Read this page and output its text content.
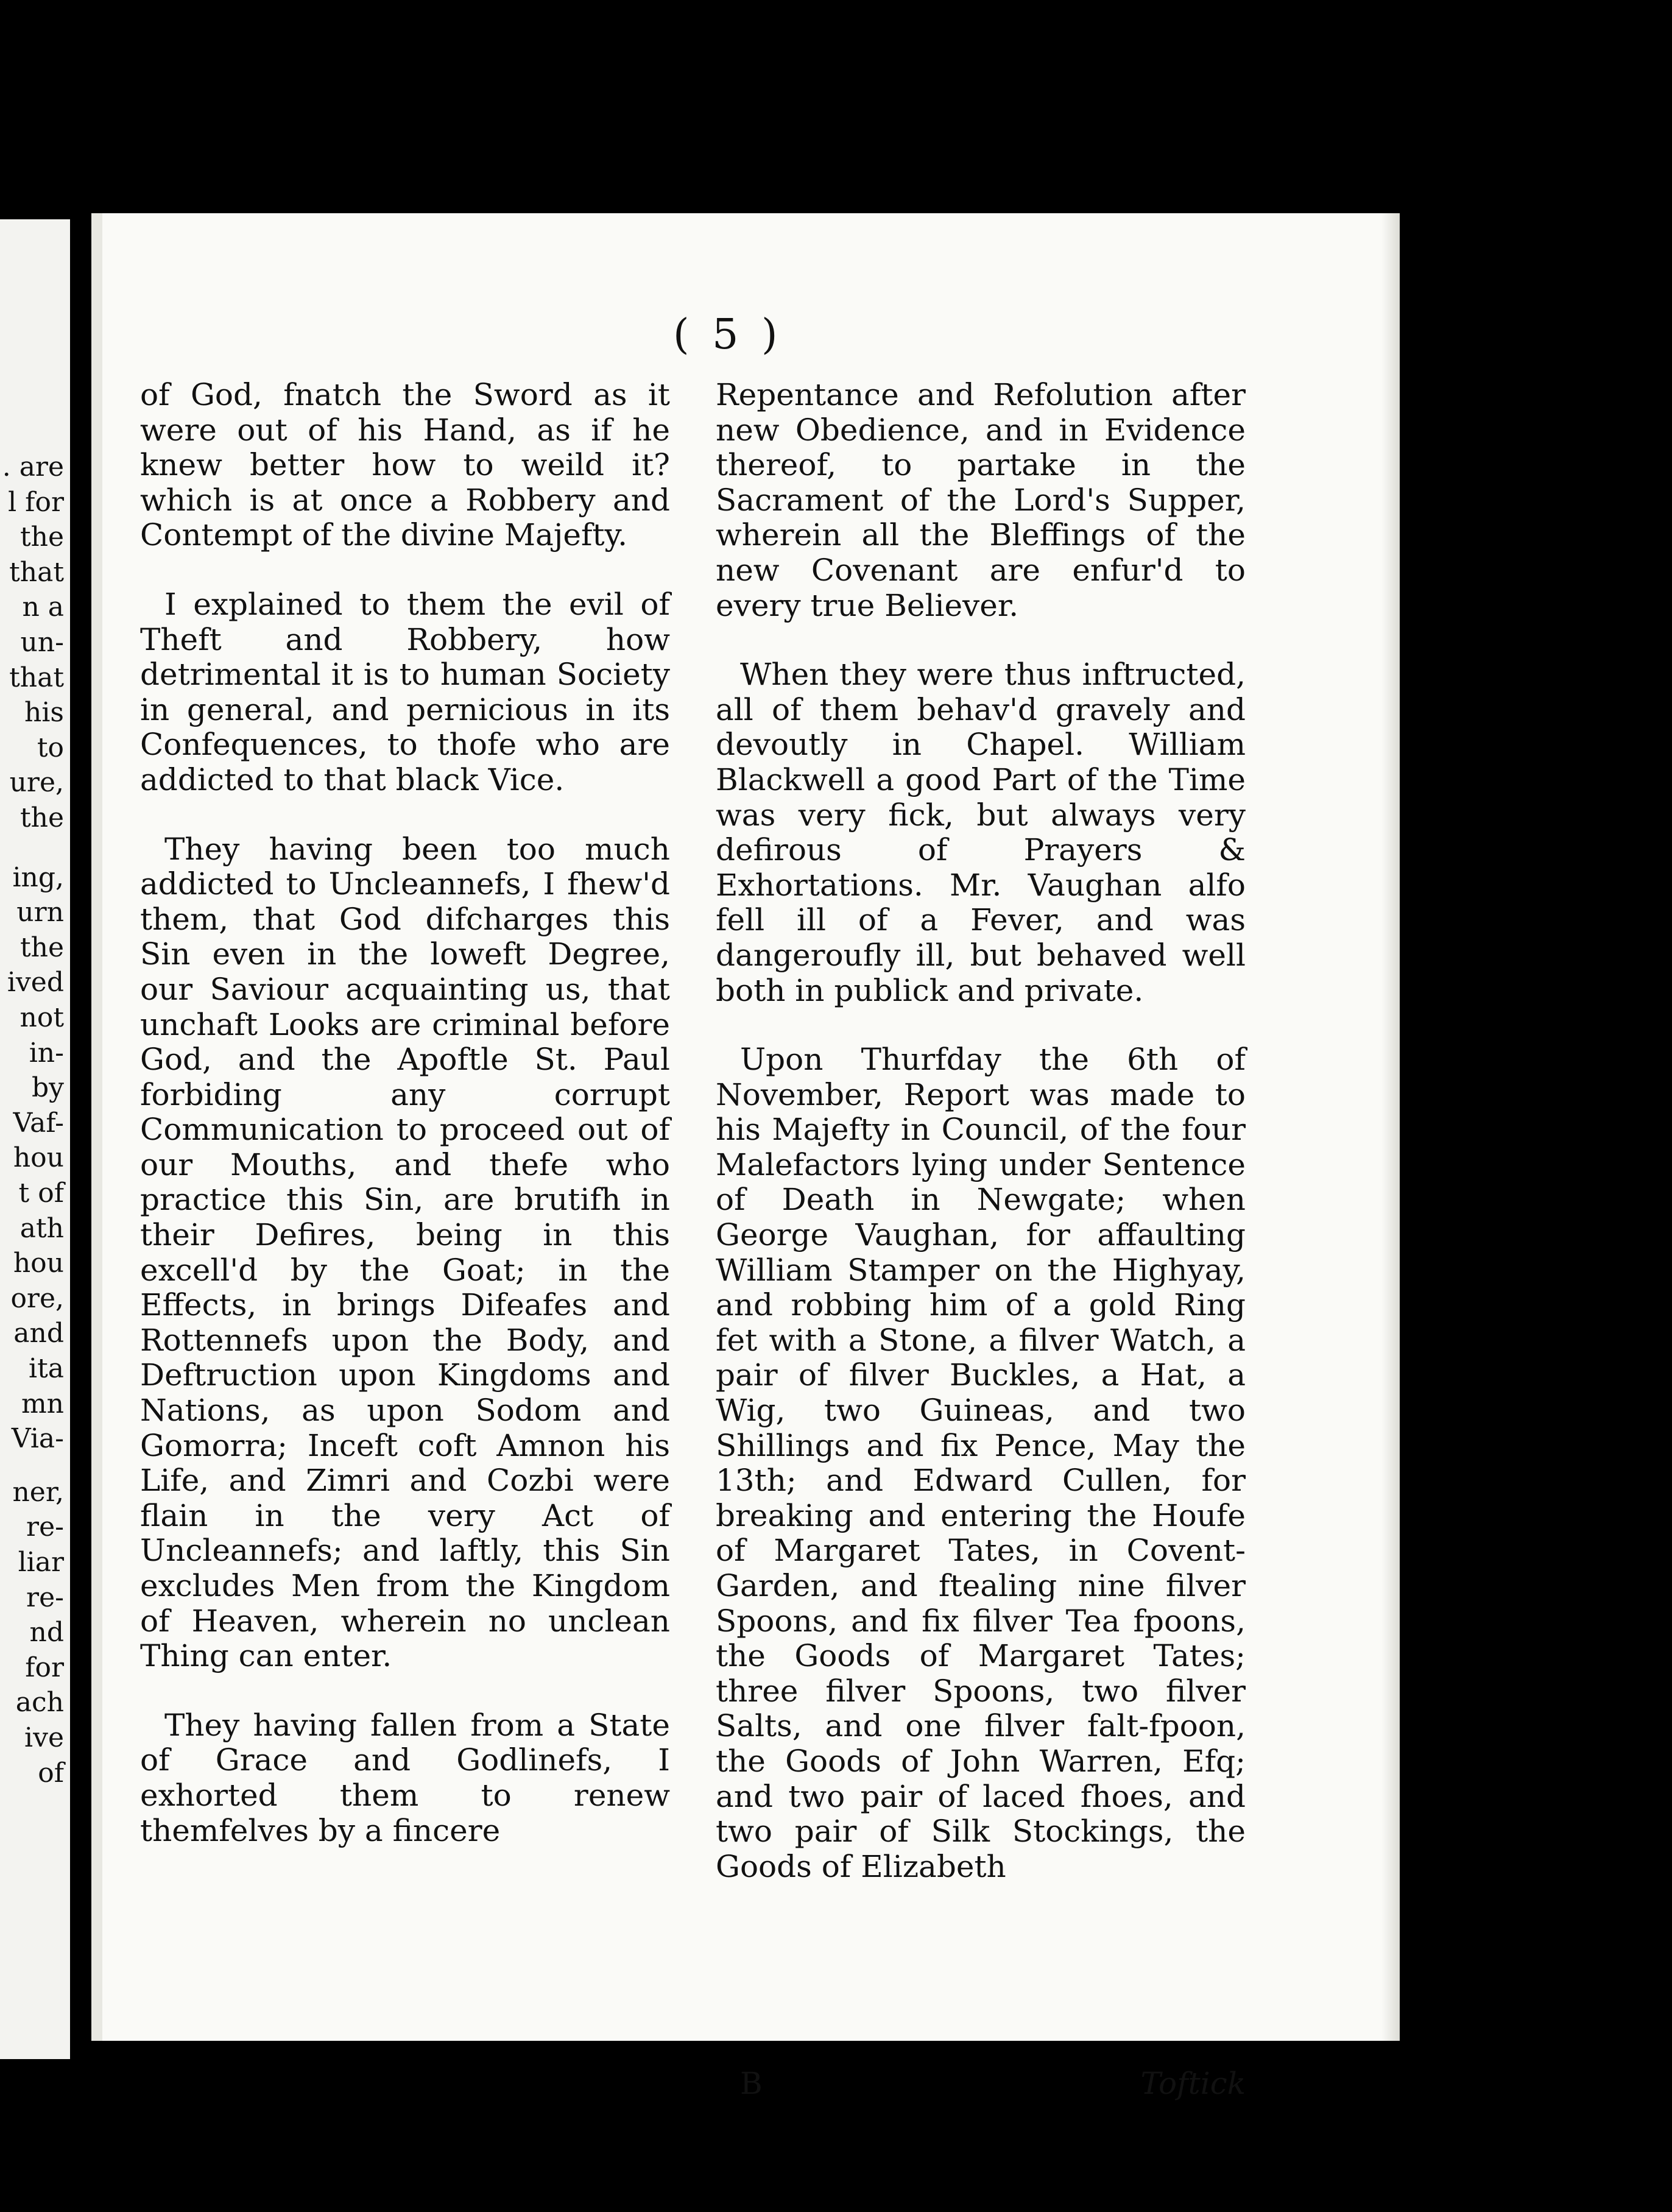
. are
l for
the
that
n a
un-
that
his
to
ure,
the
ing,
urn
the
ived
not
in-
by
Vaf-
hou
t of
ath
hou
ore,
and
ita
mn
Via-
ner,
re-
liar
re-
nd
for
ach
ive
of
( 5 )

of God, fnatch the Sword as it were out of his Hand, as if he knew better how to weild it? which is at once a Robbery and Contempt of the divine Majefty.

I explained to them the evil of Theft and Robbery, how detrimental it is to human Society in general, and pernicious in its Confequences, to thofe who are addicted to that black Vice.

They having been too much addicted to Uncleannefs, I fhew'd them, that God difcharges this Sin even in the loweft Degree, our Saviour acquainting us, that unchaft Looks are criminal before God, and the Apoftle St. Paul forbiding any corrupt Communication to proceed out of our Mouths, and thefe who practice this Sin, are brutifh in their Defires, being in this excell'd by the Goat; in the Effects, in brings Difeafes and Rottennefs upon the Body, and Deftruction upon Kingdoms and Nations, as upon Sodom and Gomorra; Inceft coft Amnon his Life, and Zimri and Cozbi were flain in the very Act of Uncleannefs; and laftly, this Sin excludes Men from the Kingdom of Heaven, wherein no unclean Thing can enter.

They having fallen from a State of Grace and Godlinefs, I exhorted them to renew themfelves by a fincere

Repentance and Refolution after new Obedience, and in Evidence thereof, to partake in the Sacrament of the Lord's Supper, wherein all the Bleffings of the new Covenant are enfur'd to every true Believer.

When they were thus inftructed, all of them behav'd gravely and devoutly in Chapel. William Blackwell a good Part of the Time was very fick, but always very defirous of Prayers & Exhortations. Mr. Vaughan alfo fell ill of a Fever, and was dangeroufly ill, but behaved well both in publick and private.

Upon Thurfday the 6th of November, Report was made to his Majefty in Council, of the four Malefactors lying under Sentence of Death in Newgate; when George Vaughan, for affaulting William Stamper on the Highyay, and robbing him of a gold Ring fet with a Stone, a filver Watch, a pair of filver Buckles, a Hat, a Wig, two Guineas, and two Shillings and fix Pence, May the 13th; and Edward Cullen, for breaking and entering the Houfe of Margaret Tates, in Covent-Garden, and ftealing nine filver Spoons, and fix filver Tea fpoons, the Goods of Margaret Tates; three filver Spoons, two filver Salts, and one filver falt-fpoon, the Goods of John Warren, Efq; and two pair of laced fhoes, and two pair of Silk Stockings, the Goods of Elizabeth

B	Toftick
